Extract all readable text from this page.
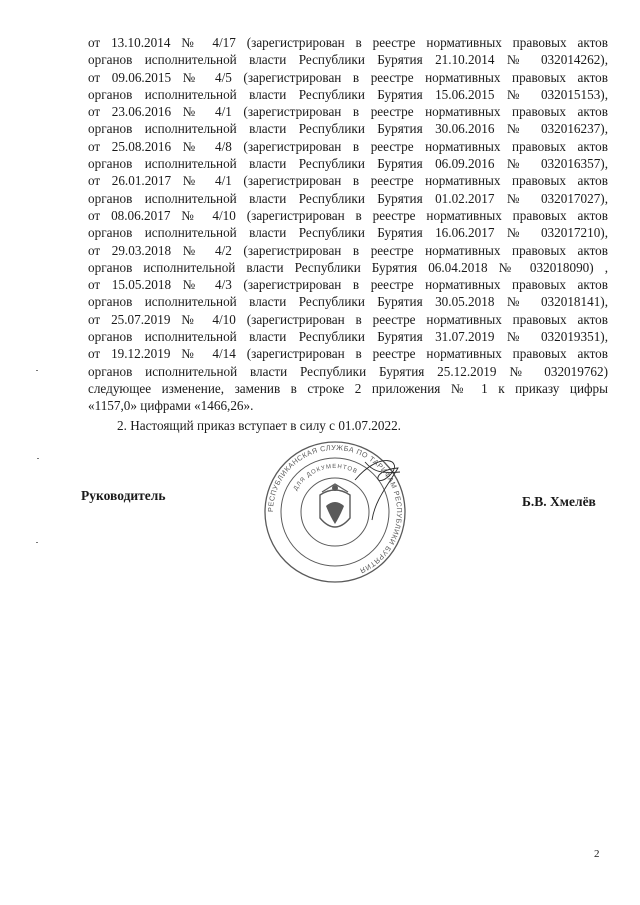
от 13.10.2014 № 4/17 (зарегистрирован в реестре нормативных правовых актов
органов исполнительной власти Республики Бурятия 21.10.2014 № 032014262),
от 09.06.2015 № 4/5 (зарегистрирован в реестре нормативных правовых актов
органов исполнительной власти Республики Бурятия 15.06.2015 № 032015153),
от 23.06.2016 № 4/1 (зарегистрирован в реестре нормативных правовых актов
органов исполнительной власти Республики Бурятия 30.06.2016 № 032016237),
от 25.08.2016 № 4/8 (зарегистрирован в реестре нормативных правовых актов
органов исполнительной власти Республики Бурятия 06.09.2016 № 032016357),
от 26.01.2017 № 4/1 (зарегистрирован в реестре нормативных правовых актов
органов исполнительной власти Республики Бурятия 01.02.2017 № 032017027),
от 08.06.2017 № 4/10 (зарегистрирован в реестре нормативных правовых актов
органов исполнительной власти Республики Бурятия 16.06.2017 № 032017210),
от 29.03.2018 № 4/2 (зарегистрирован в реестре нормативных правовых актов
органов исполнительной власти Республики Бурятия 06.04.2018 № 032018090) ,
от 15.05.2018 № 4/3 (зарегистрирован в реестре нормативных правовых актов
органов исполнительной власти Республики Бурятия 30.05.2018 № 032018141),
от 25.07.2019 № 4/10 (зарегистрирован в реестре нормативных правовых актов
органов исполнительной власти Республики Бурятия 31.07.2019 № 032019351),
от 19.12.2019 № 4/14 (зарегистрирован в реестре нормативных правовых актов
органов исполнительной власти Республики Бурятия 25.12.2019 № 032019762)
следующее изменение, заменив в строке 2 приложения № 1 к приказу цифры
«1157,0» цифрами «1466,26».
2. Настоящий приказ вступает в силу с 01.07.2022.
Руководитель	Б.В. Хмелёв
РЕСПУБЛИКАНСКАЯ СЛУЖБА ПО ТАРИФАМ РЕСПУБЛИКИ БУРЯТИЯ
ДЛЯ ДОКУМЕНТОВ
2
